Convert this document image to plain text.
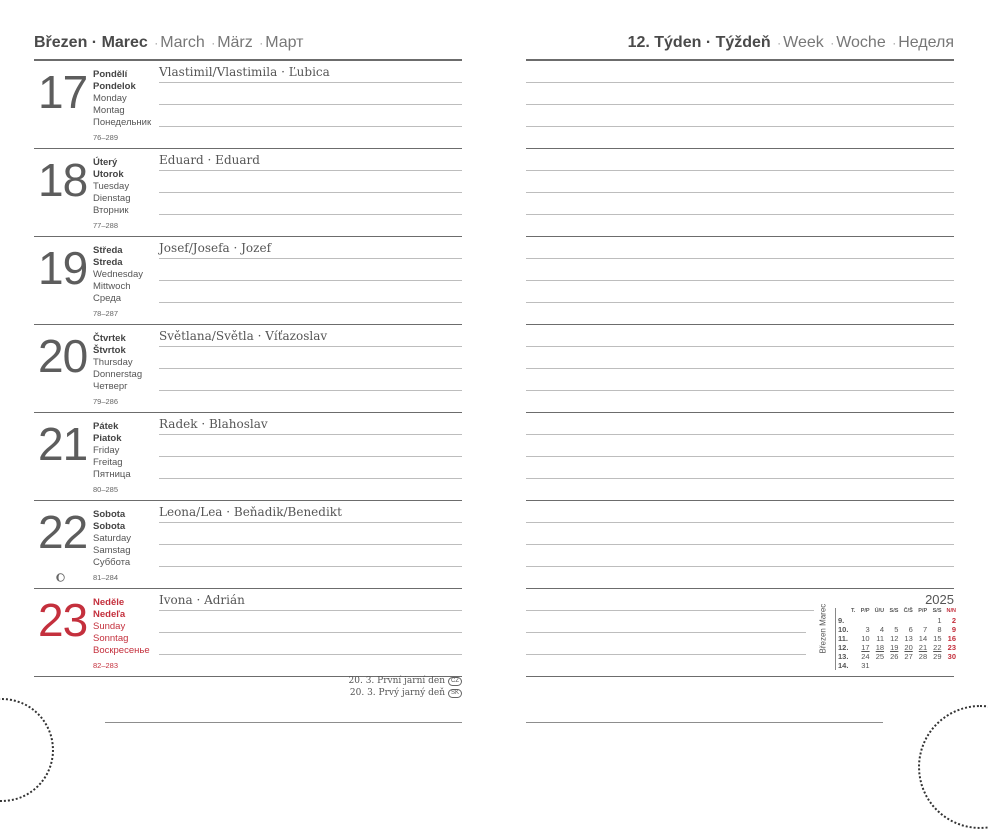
Březen · Marec · March · März · Март
17 Pondělí
Pondelok
Monday
Montag
Понедельник
76–289
Vlastimil/Vlastimila · Ľubica
18 Úterý
Utorok
Tuesday
Dienstag
Вторник
77–288
Eduard · Eduard
19 Středa
Streda
Wednesday
Mittwoch
Среда
78–287
Josef/Josefa · Jozef
20 Čtvrtek
Štvrtok
Thursday
Donnerstag
Четверг
79–286
Světlana/Světla · Víťazoslav
21 Pátek
Piatok
Friday
Freitag
Пятница
80–285
Radek · Blahoslav
22 Sobota
Sobota
Saturday
Samstag
Суббота
81–284
Leona/Lea · Beňadik/Benedikt
23 Neděle
Nedeľa
Sunday
Sonntag
Воскресенье
82–283
Ivona · Adrián
20. 3. První jarní den CZ
20. 3. Prvý jarný deň SK
12. Týden · Týždeň · Week · Woche · Неделя
2025
Březen Marec	T.	P/P	Ú/U	S/S	Č/Š	P/P	S/S	N/N
9.						1	2
10.	3	4	5	6	7	8	9
11.	10	11	12	13	14	15	16
12.	17	18	19	20	21	22	23
13.	24	25	26	27	28	29	30
14.	31						
